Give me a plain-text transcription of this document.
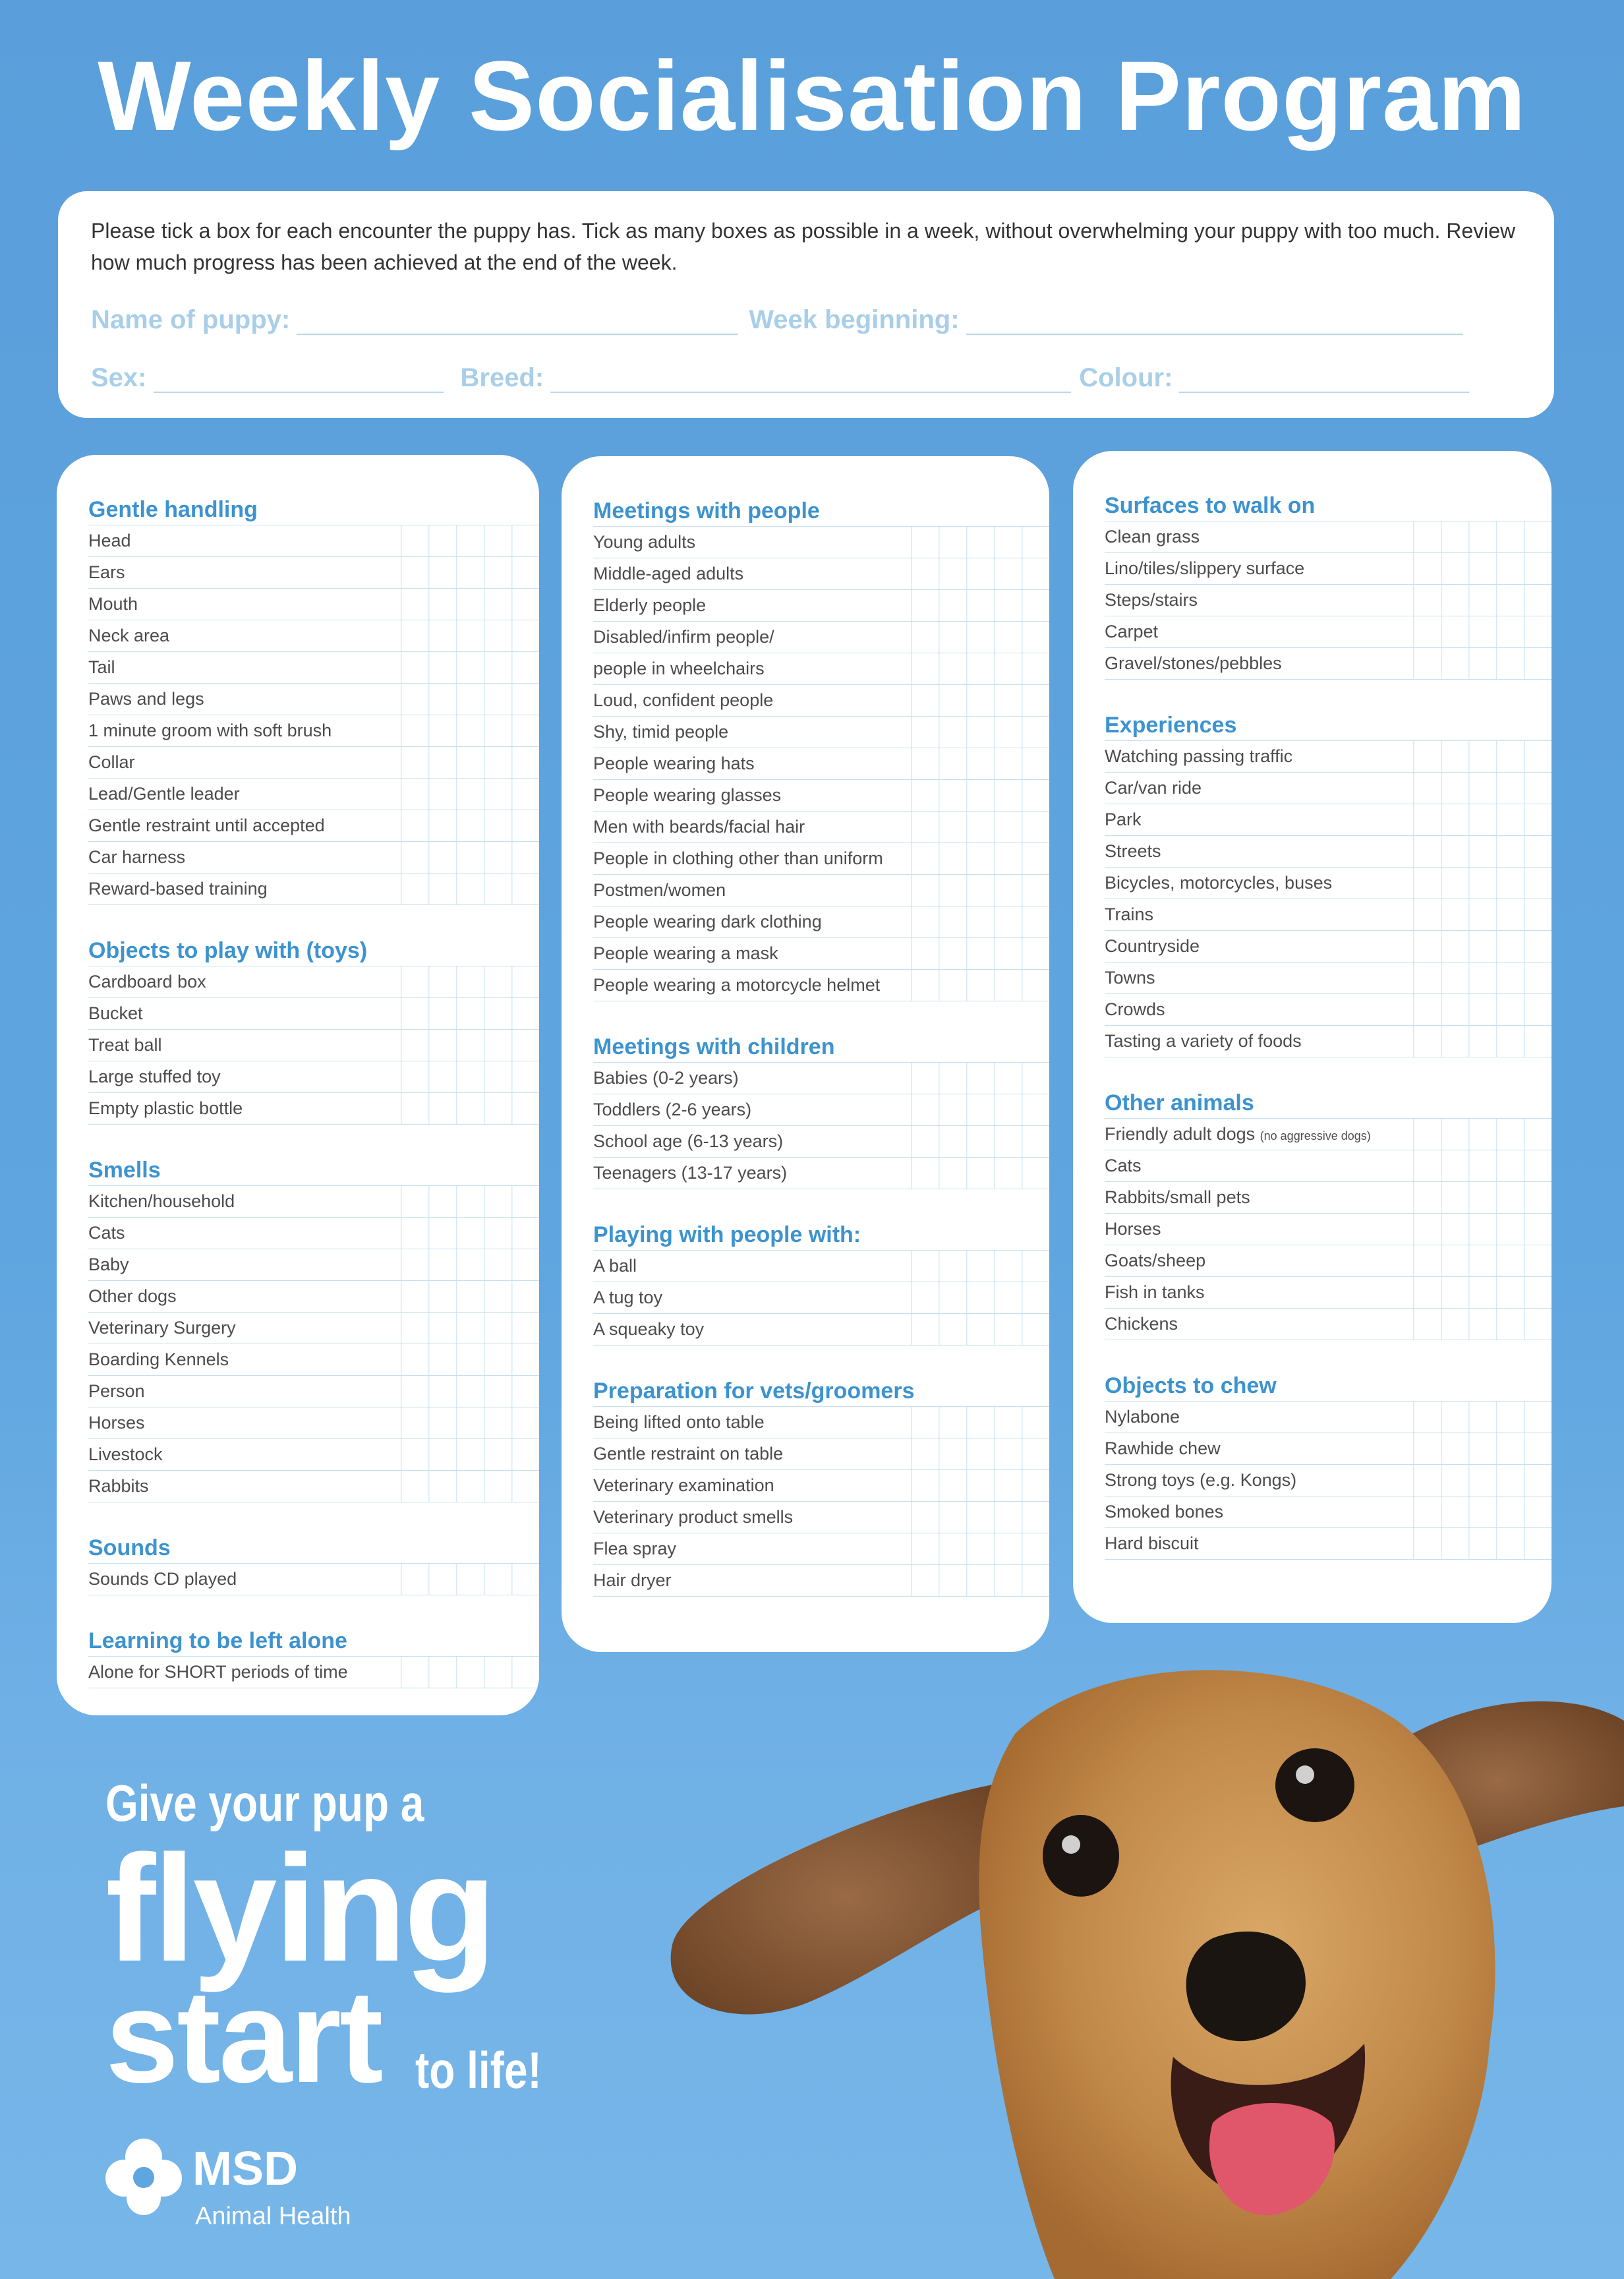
Weekly Socialisation Program

Please tick a box for each encounter the puppy has. Tick as many boxes as possible in a week, without overwhelming your puppy with too much. Review how much progress has been achieved at the end of the week.

Name of puppy:	Week beginning:
Sex:	Breed:	Colour:
Gentle handling
Head
Ears
Mouth
Neck area
Tail
Paws and legs
1 minute groom with soft brush
Collar
Lead/Gentle leader
Gentle restraint until accepted
Car harness
Reward-based training
Objects to play with (toys)
Cardboard box
Bucket
Treat ball
Large stuffed toy
Empty plastic bottle
Smells
Kitchen/household
Cats
Baby
Other dogs
Veterinary Surgery
Boarding Kennels
Person
Horses
Livestock
Rabbits
Sounds
Sounds CD played
Learning to be left alone
Alone for SHORT periods of time
Meetings with people
Young adults
Middle-aged adults
Elderly people
Disabled/infirm people/
people in wheelchairs
Loud, confident people
Shy, timid people
People wearing hats
People wearing glasses
Men with beards/facial hair
People in clothing other than uniform
Postmen/women
People wearing dark clothing
People wearing a mask
People wearing a motorcycle helmet
Meetings with children
Babies (0-2 years)
Toddlers (2-6 years)
School age (6-13 years)
Teenagers (13-17 years)
Playing with people with:
A ball
A tug toy
A squeaky toy
Preparation for vets/groomers
Being lifted onto table
Gentle restraint on table
Veterinary examination
Veterinary product smells
Flea spray
Hair dryer
Surfaces to walk on
Clean grass
Lino/tiles/slippery surface
Steps/stairs
Carpet
Gravel/stones/pebbles
Experiences
Watching passing traffic
Car/van ride
Park
Streets
Bicycles, motorcycles, buses
Trains
Countryside
Towns
Crowds
Tasting a variety of foods
Other animals
Friendly adult dogs (no aggressive dogs)
Cats
Rabbits/small pets
Horses
Goats/sheep
Fish in tanks
Chickens
Objects to chew
Nylabone
Rawhide chew
Strong toys (e.g. Kongs)
Smoked bones
Hard biscuit
Give your pup a
flying
start to life!
MSD
Animal Health
